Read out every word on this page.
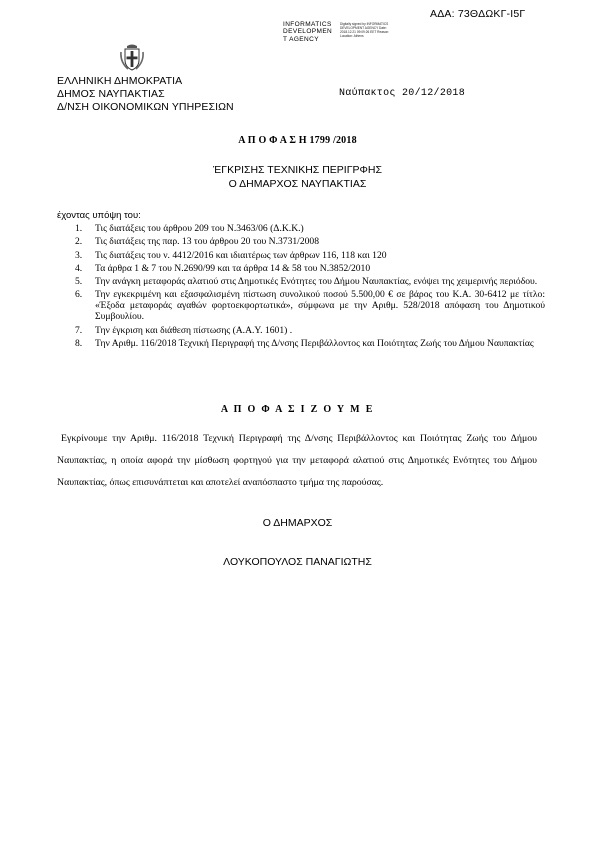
ΑΔΑ: 73ΘΔΩΚΓ-Ι5Γ
INFORMATICS
DEVELOPMEN
T AGENCY
Digitally signed by INFORMATICS DEVELOPMENT AGENCY Date: 2018.12.21 09:09:26 EET Reason: Location: Athens
ΕΛΛΗΝΙΚΗ ΔΗΜΟΚΡΑΤΙΑ
ΔΗΜΟΣ ΝΑΥΠΑΚΤΙΑΣ
Δ/ΝΣΗ ΟΙΚΟΝΟΜΙΚΩΝ ΥΠΗΡΕΣΙΩΝ
Ναύπακτος 20/12/2018
Α Π Ο Φ Α Σ Η 1799 /2018
ΈΓΚΡΙΣΗΣ ΤΕΧΝΙΚΗΣ ΠΕΡΙΓΡΦΗΣ
Ο ΔΗΜΑΡΧΟΣ ΝΑΥΠΑΚΤΙΑΣ
έχοντας υπόψη του:
1. Τις διατάξεις του άρθρου 209 του Ν.3463/06 (Δ.Κ.Κ.)
2. Τις διατάξεις της παρ. 13 του άρθρου 20 του Ν.3731/2008
3. Τις διατάξεις του ν. 4412/2016 και ιδιαιτέρως των άρθρων 116, 118 και 120
4. Τα άρθρα 1 & 7 του Ν.2690/99 και τα άρθρα 14 & 58 του Ν.3852/2010
5. Την ανάγκη μεταφοράς αλατιού στις Δημοτικές Ενότητες του Δήμου Ναυπακτίας, ενόψει της χειμερινής περιόδου.
6. Την εγκεκριμένη και εξασφαλισμένη πίστωση συνολικού ποσού 5.500,00 € σε βάρος του Κ.Α. 30-6412 με τίτλο: «Έξοδα μεταφοράς αγαθών φορτοεκφορτωτικά», σύμφωνα με την Αριθμ. 528/2018 απόφαση του Δημοτικού Συμβουλίου.
7. Την έγκριση και διάθεση πίστωσης (Α.Α.Υ. 1601) .
8. Την Αριθμ. 116/2018 Τεχνική Περιγραφή της Δ/νσης Περιβάλλοντος και Ποιότητας Ζωής του Δήμου Ναυπακτίας
Α Π Ο Φ Α Σ Ι Ζ Ο Υ Μ Ε
Εγκρίνουμε την Αριθμ. 116/2018 Τεχνική Περιγραφή της Δ/νσης Περιβάλλοντος και Ποιότητας Ζωής του Δήμου Ναυπακτίας, η οποία αφορά την μίσθωση φορτηγού για την μεταφορά αλατιού στις Δημοτικές Ενότητες του Δήμου Ναυπακτίας, όπως επισυνάπτεται και αποτελεί αναπόσπαστο τμήμα της παρούσας.
Ο ΔΗΜΑΡΧΟΣ
ΛΟΥΚΟΠΟΥΛΟΣ ΠΑΝΑΓΙΩΤΗΣ
